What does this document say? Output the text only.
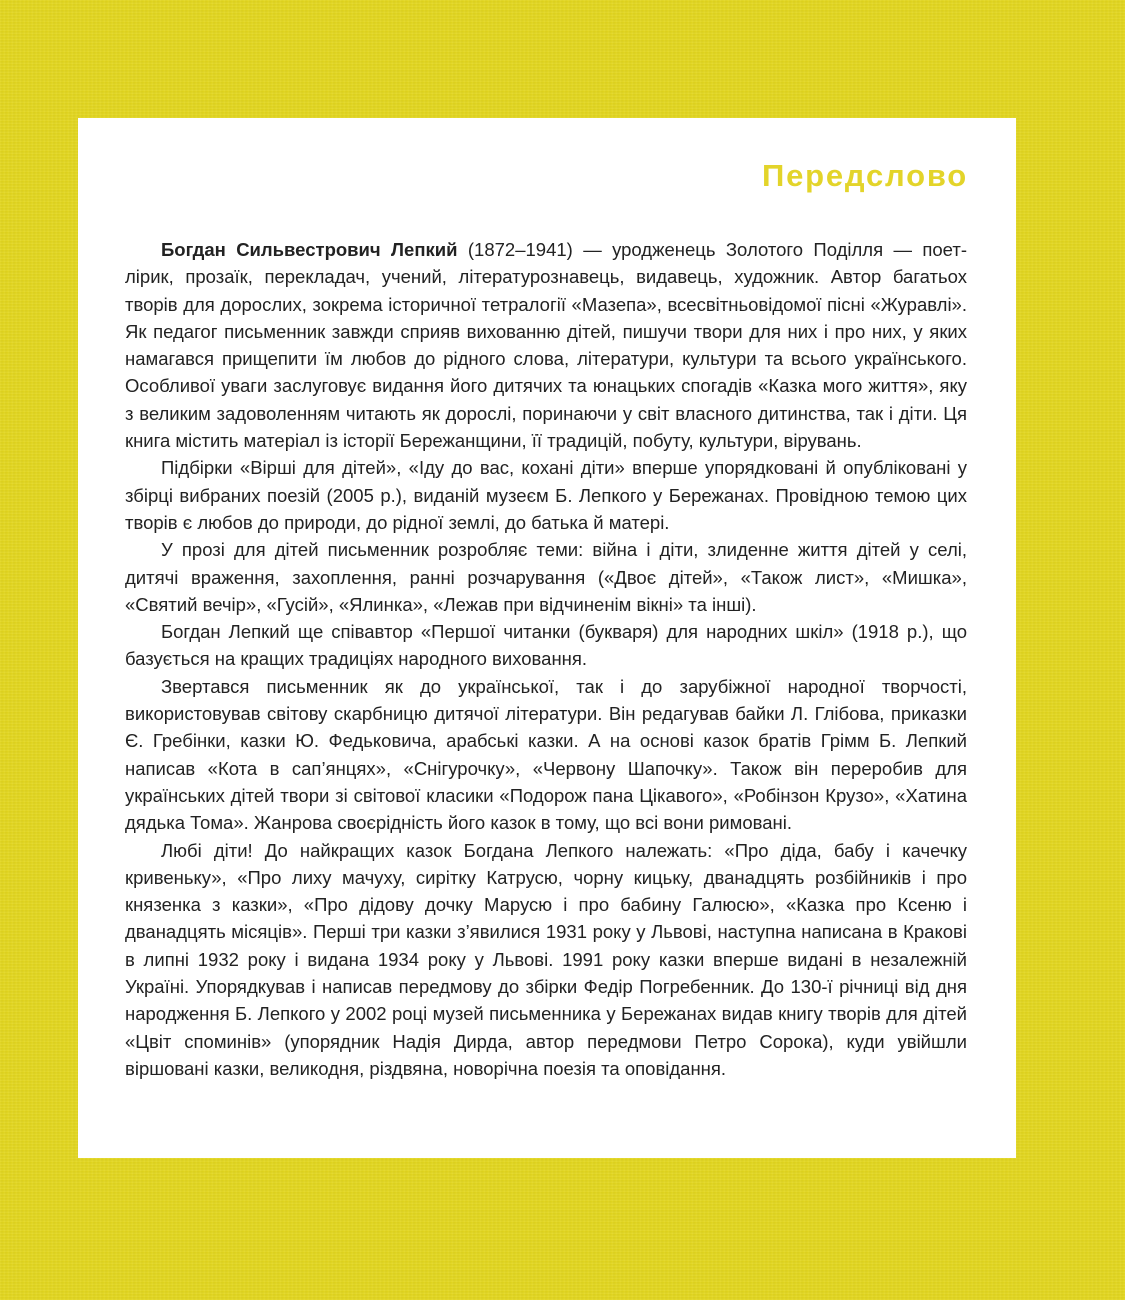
Передслово

Богдан Сильвестрович Лепкий (1872–1941) — уродженець Золотого Поділля — поет-лірик, прозаїк, перекладач, учений, літературознавець, видавець, художник. Автор багатьох творів для дорослих, зокрема історичної тетралогії «Мазепа», всесвітньовідомої пісні «Журавлі». Як педагог письменник завжди сприяв вихованню дітей, пишучи твори для них і про них, у яких намагався прищепити їм любов до рідного слова, літератури, культури та всього українського. Особливої уваги заслуговує видання його дитячих та юнацьких спогадів «Казка мого життя», яку з великим задоволенням читають як дорослі, поринаючи у світ власного дитинства, так і діти. Ця книга містить матеріал із історії Бережанщини, її традицій, побуту, культури, вірувань.

Підбірки «Вірші для дітей», «Іду до вас, кохані діти» вперше упорядковані й опубліковані у збірці вибраних поезій (2005 р.), виданій музеєм Б. Лепкого у Бережанах. Провідною темою цих творів є любов до природи, до рідної землі, до батька й матері.

У прозі для дітей письменник розробляє теми: війна і діти, злиденне життя дітей у селі, дитячі враження, захоплення, ранні розчарування («Двоє дітей», «Також лист», «Мишка», «Святий вечір», «Гусій», «Ялинка», «Лежав при відчиненім вікні» та інші).

Богдан Лепкий ще співавтор «Першої читанки (букваря) для народних шкіл» (1918 р.), що базується на кращих традиціях народного виховання.

Звертався письменник як до української, так і до зарубіжної народної творчості, використовував світову скарбницю дитячої літератури. Він редагував байки Л. Глібова, приказки Є. Гребінки, казки Ю. Федьковича, арабські казки. А на основі казок братів Грімм Б. Лепкий написав «Кота в сап’янцях», «Снігурочку», «Червону Шапочку». Також він переробив для українських дітей твори зі світової класики «Подорож пана Цікавого», «Робінзон Крузо», «Хатина дядька Тома». Жанрова своєрідність його казок в тому, що всі вони римовані.

Любі діти! До найкращих казок Богдана Лепкого належать: «Про діда, бабу і качечку кривеньку», «Про лиху мачуху, сирітку Катрусю, чорну кицьку, дванадцять розбійників і про князенка з казки», «Про дідову дочку Марусю і про бабину Галюсю», «Казка про Ксеню і дванадцять місяців». Перші три казки з’явилися 1931 року у Львові, наступна написана в Кракові в липні 1932 року і видана 1934 року у Львові. 1991 року казки вперше видані в незалежній Україні. Упорядкував і написав передмову до збірки Федір Погребенник. До 130-ї річниці від дня народження Б. Лепкого у 2002 році музей письменника у Бережанах видав книгу творів для дітей «Цвіт споминів» (упорядник Надія Дирда, автор передмови Петро Сорока), куди увійшли віршовані казки, великодня, різдвяна, новорічна поезія та оповідання.
